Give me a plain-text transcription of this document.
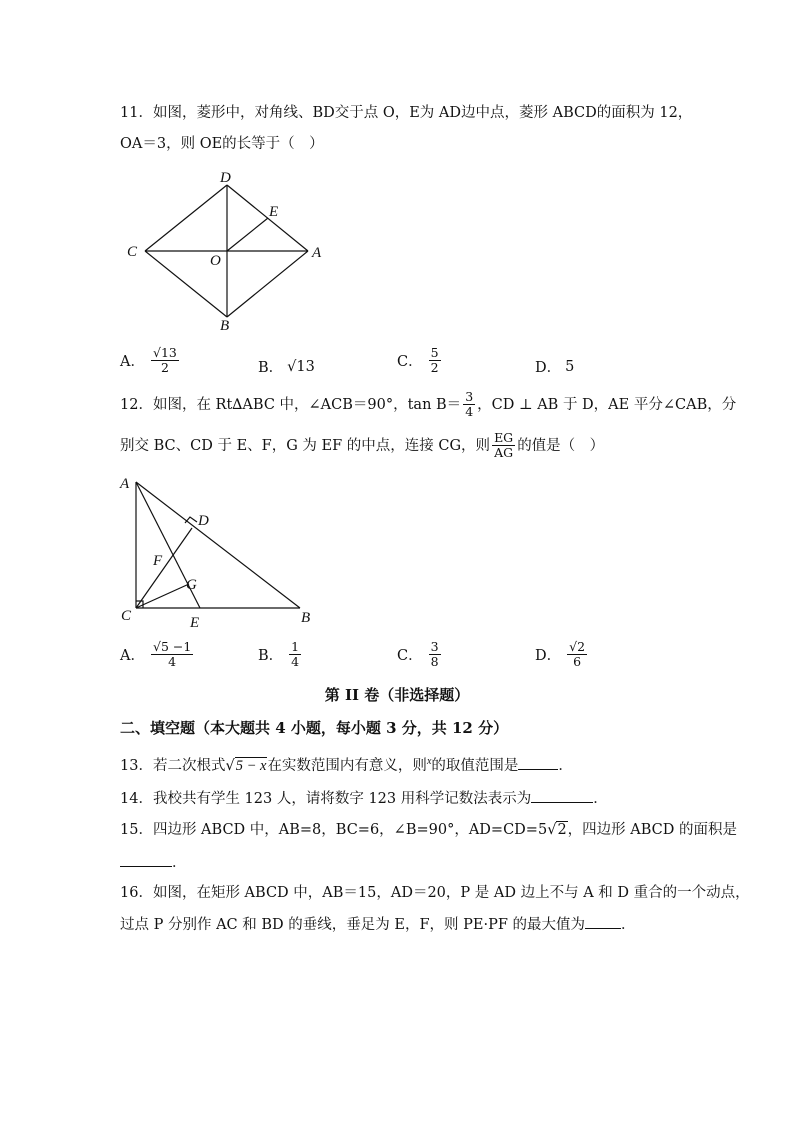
11．如图，菱形中，对角线、BD交于点 O，E为 AD边中点，菱形 ABCD的面积为 12，
OA＝3，则 OE的长等于（　）
D
E
C
O	A
B
A． $\frac{√13}{2}$	B． √13	C． $\frac{5}{2}$	D． 5
12．如图，在 Rt∆ABC 中，∠ACB＝90°，$\tan B= \frac{3}{4}$ ，CD ⊥ AB 于 D，AE 平分∠CAB，分
别交 BC、CD 于 E、F，G 为 EF 的中点，连接 CG，则 $\frac{EG}{AG}$ 的值是（　）
A
D
F
G
C	E	B
A． $\frac{√5 -1}{4}$	B． $\frac{1}{4}$	C． $\frac{3}{8}$	D． $\frac{√2}{6}$
第 II 卷（非选择题）
二、填空题（本大题共 4 小题，每小题 3 分，共 12 分）
13．若二次根式√5 − x在实数范围内有意义，则$^x$的取值范围是	．
14．我校共有学生 123 人，请将数字 123 用科学记数法表示为	．
15．四边形 ABCD 中，AB=8，BC=6，∠B=90°，AD=CD=5√2，四边形 ABCD 的面积是
．
16．如图，在矩形 ABCD 中，AB＝15，AD＝20，P 是 AD 边上不与 A 和 D 重合的一个动点，
过点 P 分别作 AC 和 BD 的垂线，垂足为 E，F，则 PE·PF 的最大值为 ．
